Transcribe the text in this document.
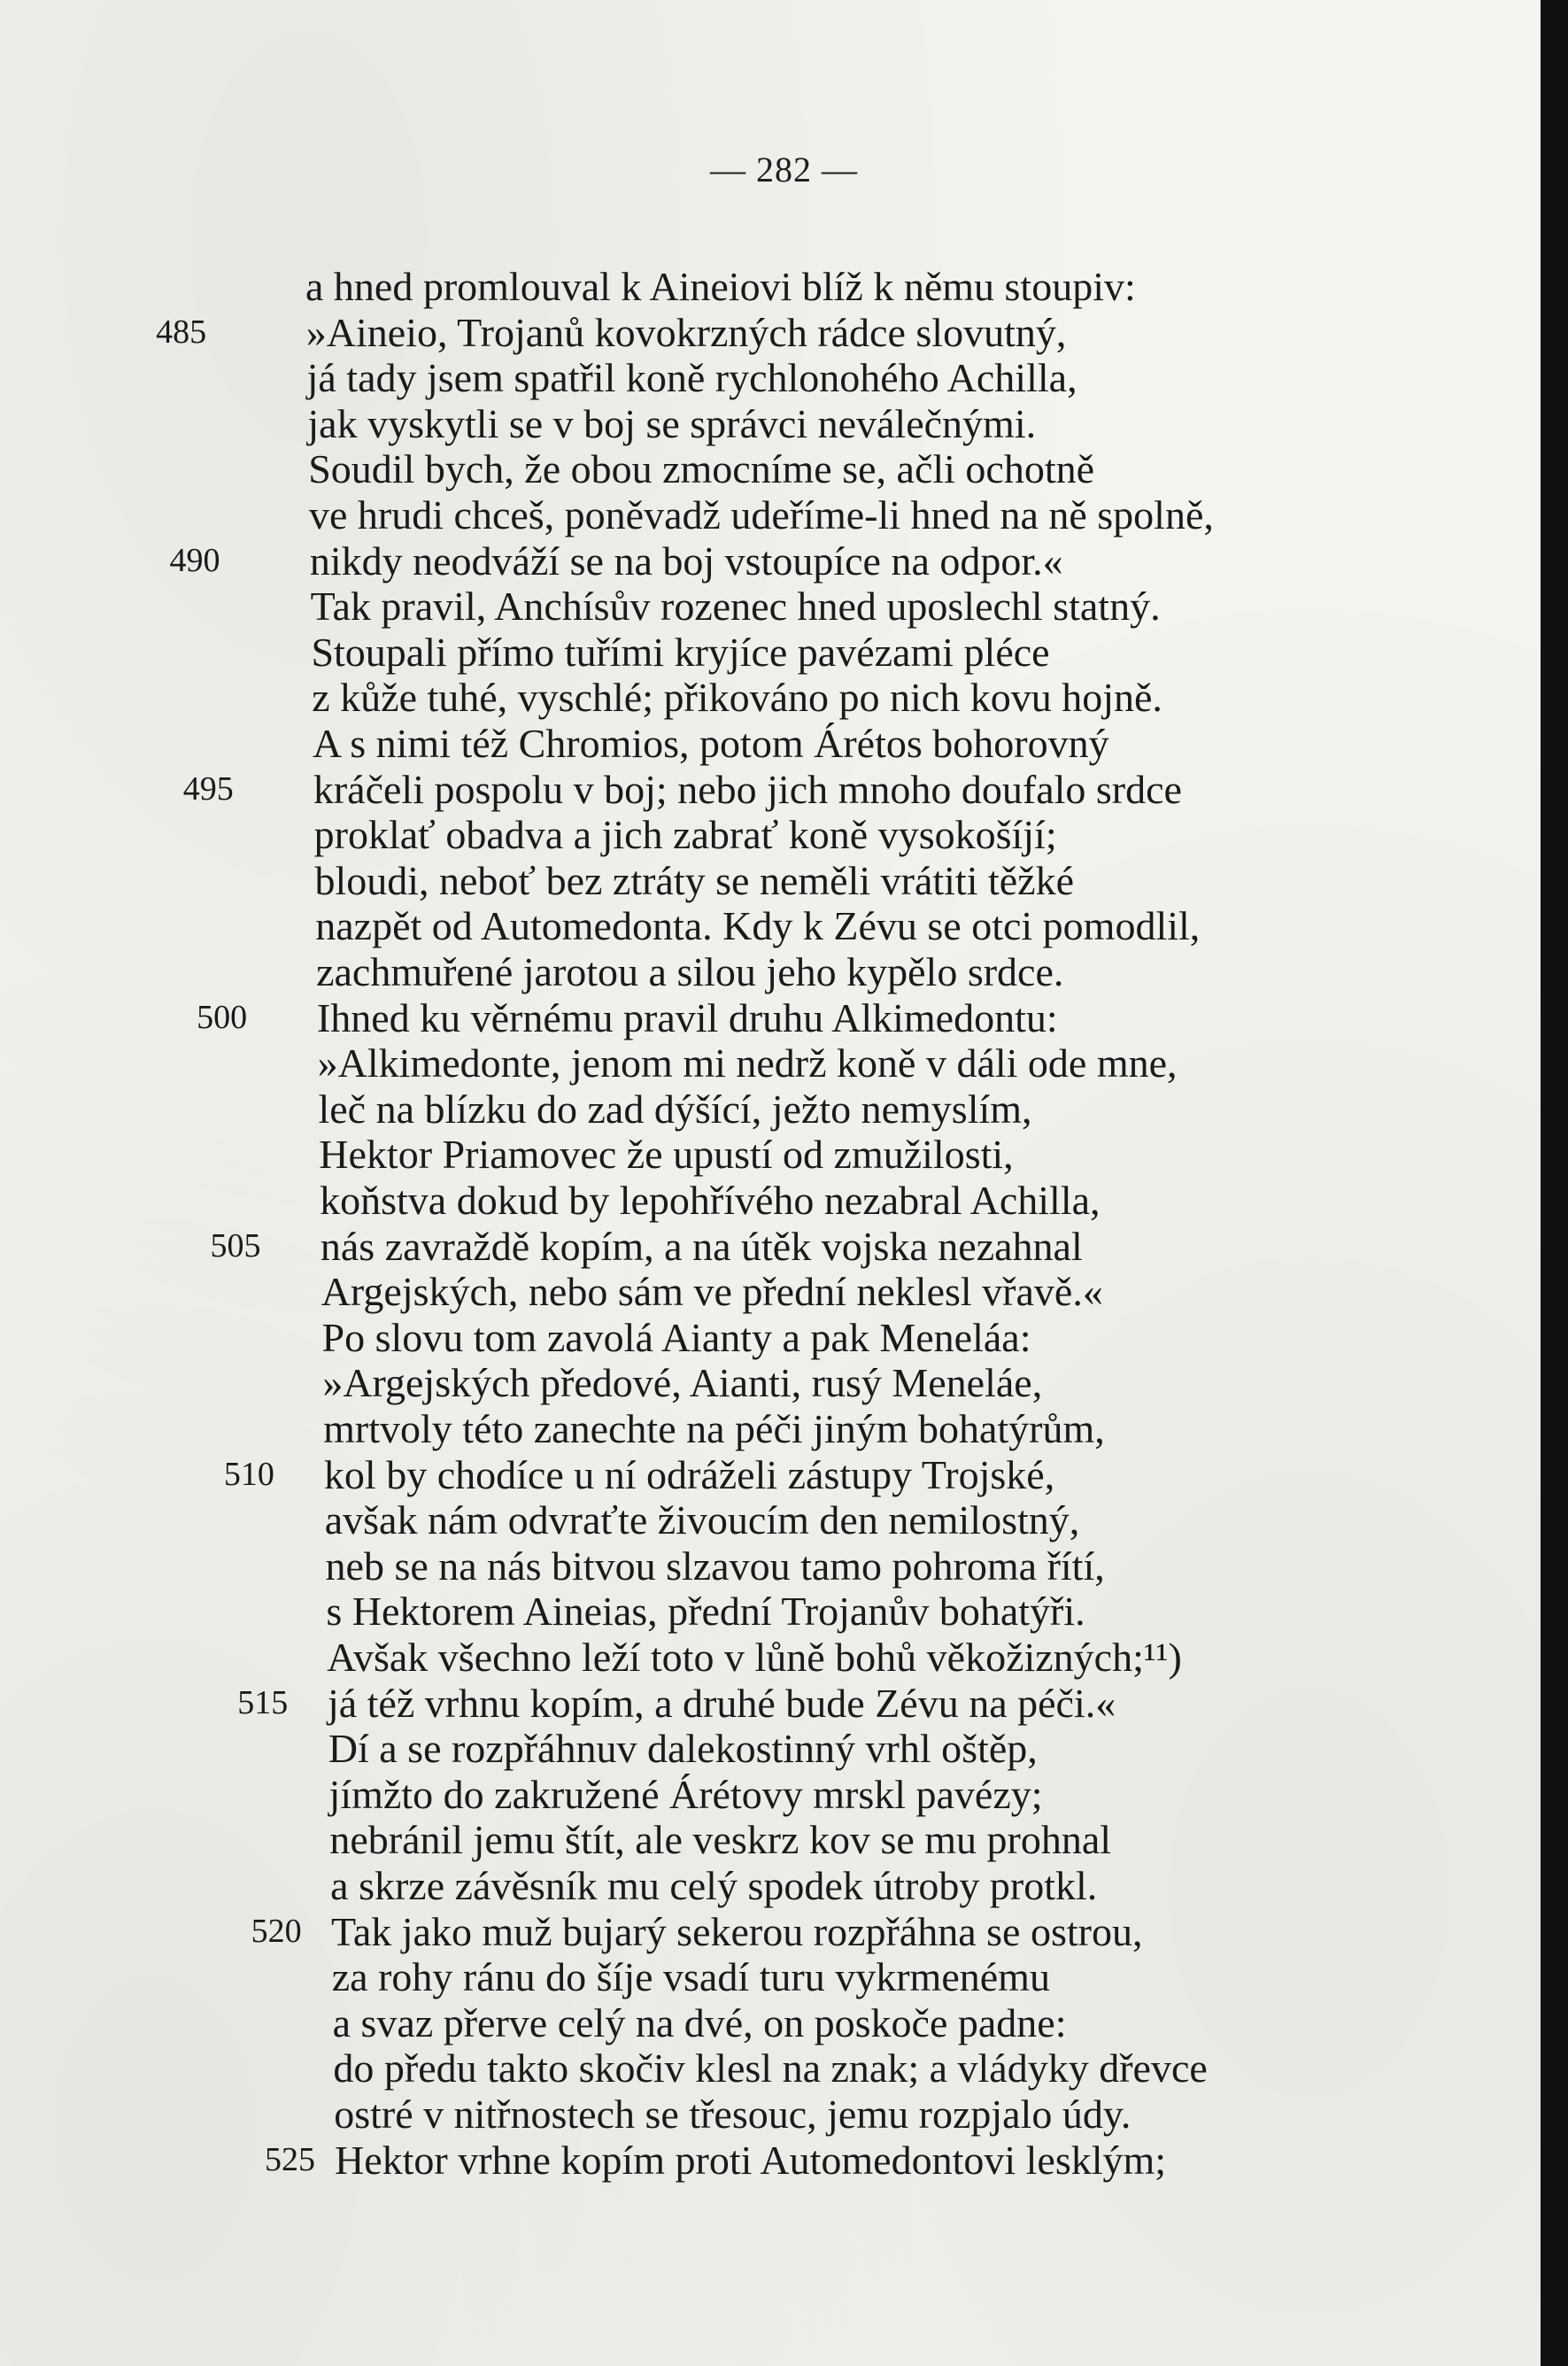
— 282 —
a hned promlouval k Aineiovi blíž k němu stoupiv:
485 »Aineio, Trojanů kovokrzných rádce slovutný,
já tady jsem spatřil koně rychlonohého Achilla,
jak vyskytli se v boj se správci neválečnými.
Soudil bych, že obou zmocníme se, ačli ochotně
ve hrudi chceš, poněvadž udeříme-li hned na ně spolně,
490 nikdy neodváží se na boj vstoupíce na odpor.«
Tak pravil, Anchísův rozenec hned uposlechl statný.
Stoupali přímo tuřími kryjíce pavézami pléce
z kůže tuhé, vyschlé; přikováno po nich kovu hojně.
A s nimi též Chromios, potom Árétos bohorovný
495 kráčeli pospolu v boj; nebo jich mnoho doufalo srdce
proklať obadva a jich zabrať koně vysokošíjí;
bloudi, neboť bez ztráty se neměli vrátiti těžké
nazpět od Automedonta. Kdy k Zévu se otci pomodlil,
zachmuřené jarotou a silou jeho kypělo srdce.
500 Ihned ku věrnému pravil druhu Alkimedontu:
»Alkimedonte, jenom mi nedrž koně v dáli ode mne,
leč na blízku do zad dýšící, ježto nemyslím,
Hektor Priamovec že upustí od zmužilosti,
koňstva dokud by lepohřívého nezabral Achilla,
505 nás zavraždě kopím, a na útěk vojska nezahnal
Argejských, nebo sám ve přední neklesl vřavě.«
Po slovu tom zavolá Aianty a pak Meneláa:
»Argejských předové, Aianti, rusý Meneláe,
mrtvoly této zanechte na péči jiným bohatýrům,
510 kol by chodíce u ní odráželi zástupy Trojské,
avšak nám odvraťte živoucím den nemilostný,
neb se na nás bitvou slzavou tamo pohroma řítí,
s Hektorem Aineias, přední Trojanův bohatýři.
Avšak všechno leží toto v lůně bohů věkožizných;¹¹)
515 já též vrhnu kopím, a druhé bude Zévu na péči.«
Dí a se rozpřáhnuv dalekostinný vrhl oštěp,
jímžto do zakružené Árétovy mrskl pavézy;
nebránil jemu štít, ale veskrz kov se mu prohnal
a skrze závěsník mu celý spodek útroby protkl.
520 Tak jako muž bujarý sekerou rozpřáhna se ostrou,
za rohy ránu do šíje vsadí turu vykrmenému
a svaz přerve celý na dvé, on poskoče padne:
do předu takto skočiv klesl na znak; a vládyky dřevce
ostré v nitřnostech se třesouc, jemu rozpjalo údy.
525 Hektor vrhne kopím proti Automedontovi lesklým;
